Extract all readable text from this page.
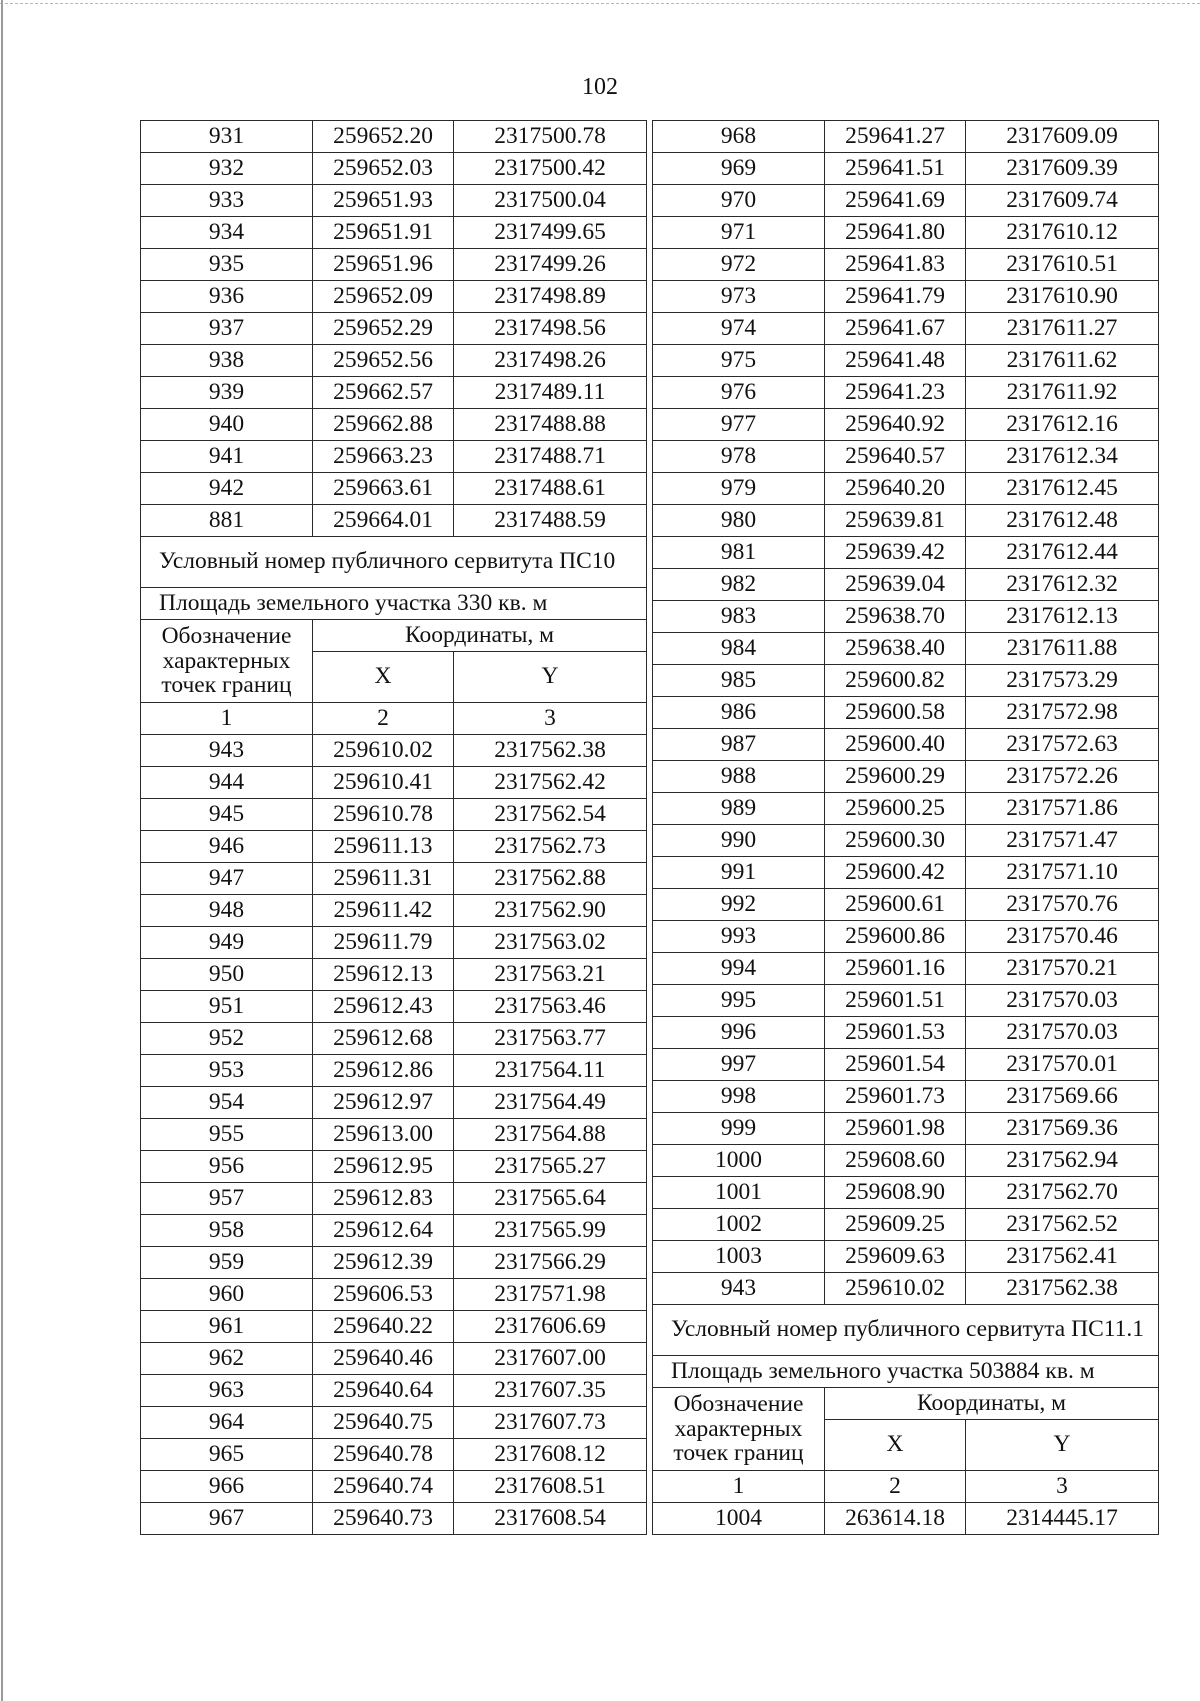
102
931	259652.20	2317500.78
932	259652.03	2317500.42
933	259651.93	2317500.04
934	259651.91	2317499.65
935	259651.96	2317499.26
936	259652.09	2317498.89
937	259652.29	2317498.56
938	259652.56	2317498.26
939	259662.57	2317489.11
940	259662.88	2317488.88
941	259663.23	2317488.71
942	259663.61	2317488.61
881	259664.01	2317488.59
Условный номер публичного сервитута ПС10		
Площадь земельного участка 330 кв. м		
Обозначение характерных точек границ	Координаты, м	
	X	Y
1	2	3
943	259610.02	2317562.38
944	259610.41	2317562.42
945	259610.78	2317562.54
946	259611.13	2317562.73
947	259611.31	2317562.88
948	259611.42	2317562.90
949	259611.79	2317563.02
950	259612.13	2317563.21
951	259612.43	2317563.46
952	259612.68	2317563.77
953	259612.86	2317564.11
954	259612.97	2317564.49
955	259613.00	2317564.88
956	259612.95	2317565.27
957	259612.83	2317565.64
958	259612.64	2317565.99
959	259612.39	2317566.29
960	259606.53	2317571.98
961	259640.22	2317606.69
962	259640.46	2317607.00
963	259640.64	2317607.35
964	259640.75	2317607.73
965	259640.78	2317608.12
966	259640.74	2317608.51
967	259640.73	2317608.54
968	259641.27	2317609.09
969	259641.51	2317609.39
970	259641.69	2317609.74
971	259641.80	2317610.12
972	259641.83	2317610.51
973	259641.79	2317610.90
974	259641.67	2317611.27
975	259641.48	2317611.62
976	259641.23	2317611.92
977	259640.92	2317612.16
978	259640.57	2317612.34
979	259640.20	2317612.45
980	259639.81	2317612.48
981	259639.42	2317612.44
982	259639.04	2317612.32
983	259638.70	2317612.13
984	259638.40	2317611.88
985	259600.82	2317573.29
986	259600.58	2317572.98
987	259600.40	2317572.63
988	259600.29	2317572.26
989	259600.25	2317571.86
990	259600.30	2317571.47
991	259600.42	2317571.10
992	259600.61	2317570.76
993	259600.86	2317570.46
994	259601.16	2317570.21
995	259601.51	2317570.03
996	259601.53	2317570.03
997	259601.54	2317570.01
998	259601.73	2317569.66
999	259601.98	2317569.36
1000	259608.60	2317562.94
1001	259608.90	2317562.70
1002	259609.25	2317562.52
1003	259609.63	2317562.41
943	259610.02	2317562.38
Условный номер публичного сервитута ПС11.1		
Площадь земельного участка 503884 кв. м		
Обозначение характерных точек границ	Координаты, м	
	X	Y
1	2	3
1004	263614.18	2314445.17
